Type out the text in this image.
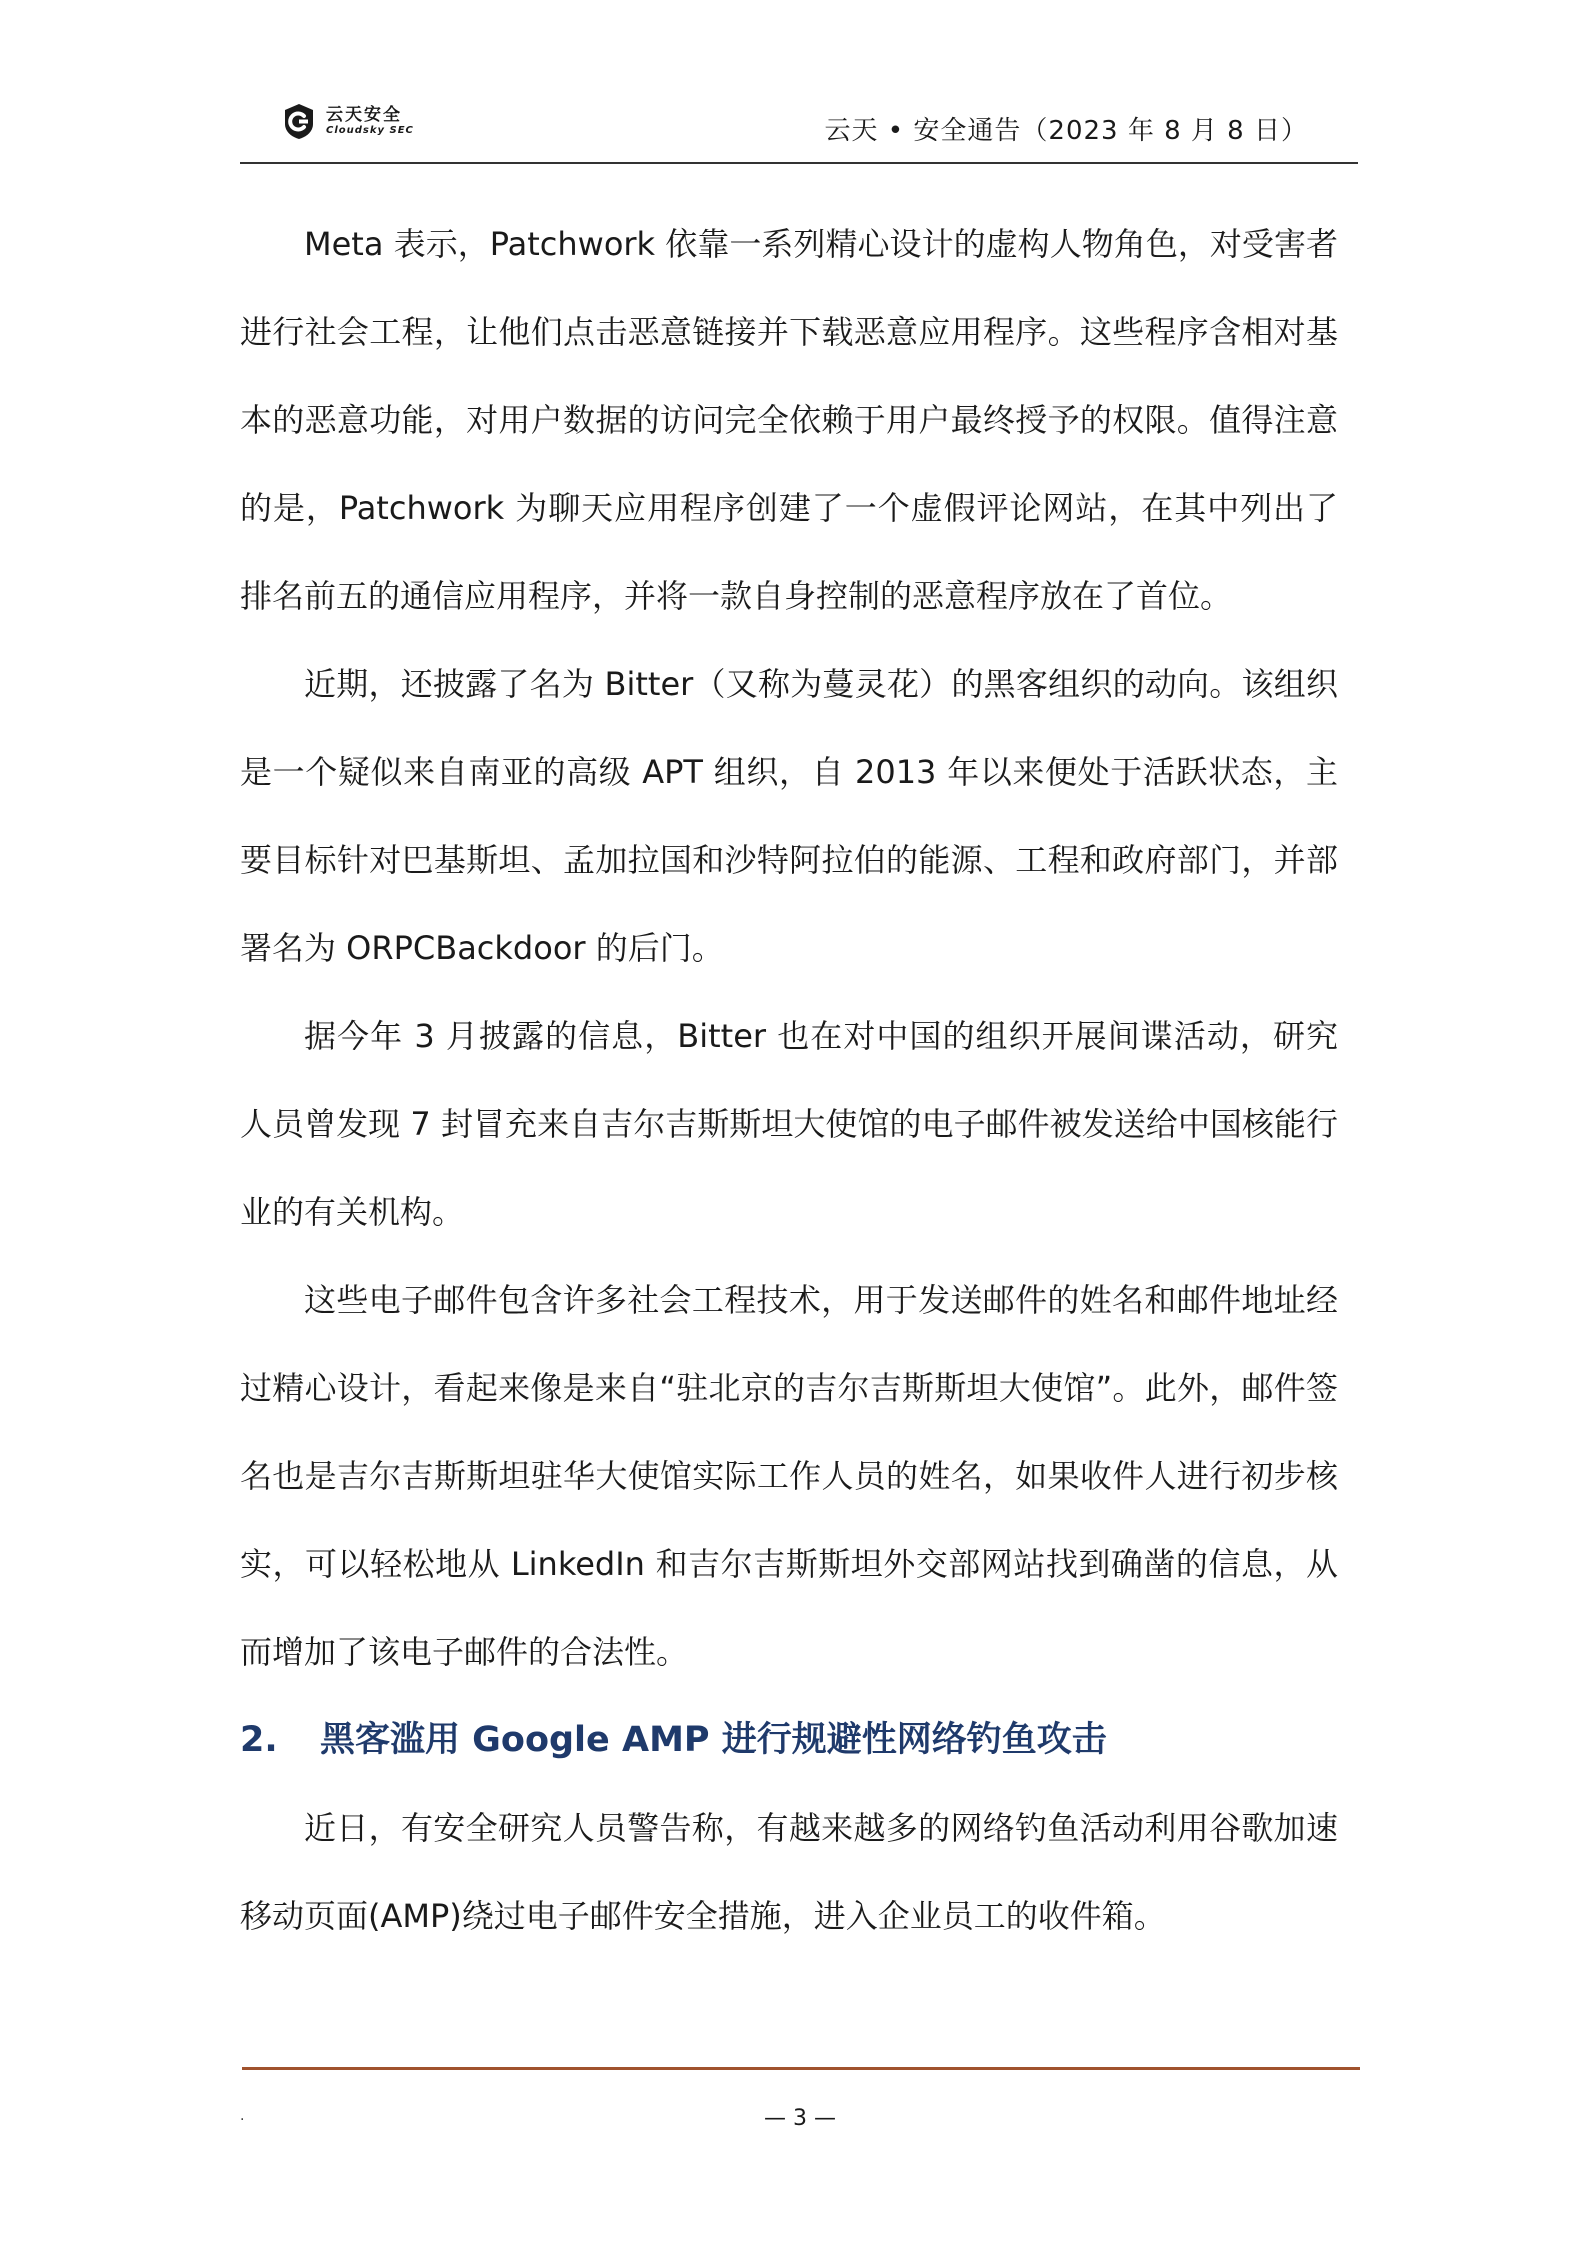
云天安全
Cloudsky SEC	云天 • 安全通告（2023 年 8 月 8 日）

Meta 表示，Patchwork 依靠一系列精心设计的虚构人物角色，对受害者进行社会工程，让他们点击恶意链接并下载恶意应用程序。这些程序含相对基本的恶意功能，对用户数据的访问完全依赖于用户最终授予的权限。值得注意的是，Patchwork 为聊天应用程序创建了一个虚假评论网站，在其中列出了排名前五的通信应用程序，并将一款自身控制的恶意程序放在了首位。

近期，还披露了名为 Bitter（又称为蔓灵花）的黑客组织的动向。该组织是一个疑似来自南亚的高级 APT 组织，自 2013 年以来便处于活跃状态，主要目标针对巴基斯坦、孟加拉国和沙特阿拉伯的能源、工程和政府部门，并部署名为 ORPCBackdoor 的后门。

据今年 3 月披露的信息，Bitter 也在对中国的组织开展间谍活动，研究人员曾发现 7 封冒充来自吉尔吉斯斯坦大使馆的电子邮件被发送给中国核能行业的有关机构。

这些电子邮件包含许多社会工程技术，用于发送邮件的姓名和邮件地址经过精心设计，看起来像是来自“驻北京的吉尔吉斯斯坦大使馆”。此外，邮件签名也是吉尔吉斯斯坦驻华大使馆实际工作人员的姓名，如果收件人进行初步核实，可以轻松地从 LinkedIn 和吉尔吉斯斯坦外交部网站找到确凿的信息，从而增加了该电子邮件的合法性。

2. 黑客滥用 Google AMP 进行规避性网络钓鱼攻击

近日，有安全研究人员警告称，有越来越多的网络钓鱼活动利用谷歌加速移动页面(AMP)绕过电子邮件安全措施，进入企业员工的收件箱。

.	— 3 —
